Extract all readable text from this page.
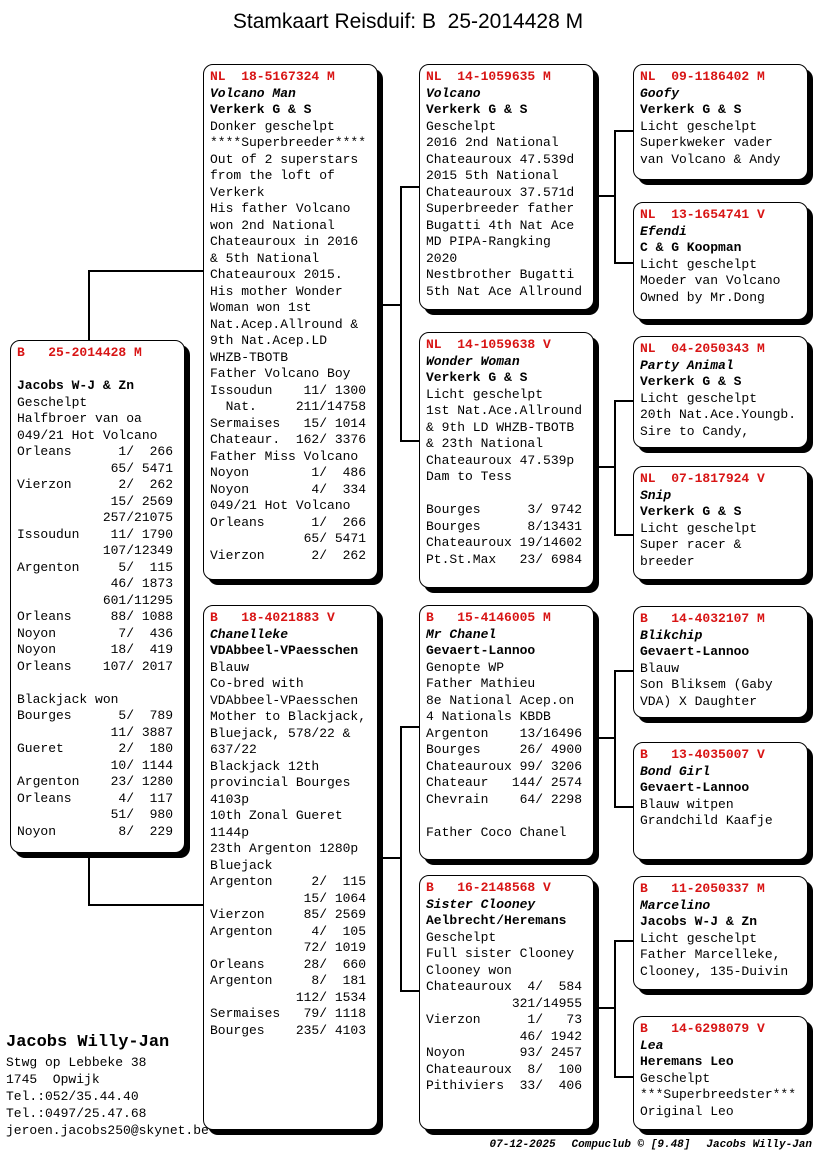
Stamkaart Reisduif: B  25-2014428 M
B   25-2014428 M
Jacobs W-J & Zn
Geschelpt
Halfbroer van oa
049/21 Hot Volcano
Orleans      1/  266
65/ 5471
Vierzon      2/  262
15/ 2569
257/21075
Issoudun    11/ 1790
107/12349
Argenton     5/  115
46/ 1873
601/11295
Orleans     88/ 1088
Noyon        7/  436
Noyon       18/  419
Orleans    107/ 2017
Blackjack won
Bourges      5/  789
11/ 3887
Gueret       2/  180
10/ 1144
Argenton    23/ 1280
Orleans      4/  117
51/  980
Noyon        8/  229
NL  18-5167324 M
Volcano Man
Verkerk G & S
Donker geschelpt
****Superbreeder****
Out of 2 superstars
from the loft of
Verkerk
His father Volcano
won 2nd National
Chateauroux in 2016
& 5th National
Chateauroux 2015.
His mother Wonder
Woman won 1st
Nat.Acep.Allround &
9th Nat.Acep.LD
WHZB-TBOTB
Father Volcano Boy
Issoudun    11/ 1300
Nat.     211/14758
Sermaises   15/ 1014
Chateaur.  162/ 3376
Father Miss Volcano
Noyon        1/  486
Noyon        4/  334
049/21 Hot Volcano
Orleans      1/  266
65/ 5471
Vierzon      2/  262
B   18-4021883 V
Chanelleke
VDAbbeel-VPaesschen
Blauw
Co-bred with
VDAbbeel-VPaesschen
Mother to Blackjack,
Bluejack, 578/22 &
637/22
Blackjack 12th
provincial Bourges
4103p
10th Zonal Gueret
1144p
23th Argenton 1280p
Bluejack
Argenton     2/  115
15/ 1064
Vierzon     85/ 2569
Argenton     4/  105
72/ 1019
Orleans     28/  660
Argenton     8/  181
112/ 1534
Sermaises   79/ 1118
Bourges    235/ 4103
NL  14-1059635 M
Volcano
Verkerk G & S
Geschelpt
2016 2nd National
Chateauroux 47.539d
2015 5th National
Chateauroux 37.571d
Superbreeder father
Bugatti 4th Nat Ace
MD PIPA-Rangking
2020
Nestbrother Bugatti
5th Nat Ace Allround
NL  14-1059638 V
Wonder Woman
Verkerk G & S
Licht geschelpt
1st Nat.Ace.Allround
& 9th LD WHZB-TBOTB
& 23th National
Chateauroux 47.539p
Dam to Tess
Bourges      3/ 9742
Bourges      8/13431
Chateauroux 19/14602
Pt.St.Max   23/ 6984
B   15-4146005 M
Mr Chanel
Gevaert-Lannoo
Genopte WP
Father Mathieu
8e National Acep.on
4 Nationals KBDB
Argenton    13/16496
Bourges     26/ 4900
Chateauroux 99/ 3206
Chateaur   144/ 2574
Chevrain    64/ 2298
Father Coco Chanel
B   16-2148568 V
Sister Clooney
Aelbrecht/Heremans
Geschelpt
Full sister Clooney
Clooney won
Chateauroux  4/  584
321/14955
Vierzon      1/   73
46/ 1942
Noyon       93/ 2457
Chateauroux  8/  100
Pithiviers  33/  406
NL  09-1186402 M
Goofy
Verkerk G & S
Licht geschelpt
Superkweker vader
van Volcano & Andy
NL  13-1654741 V
Efendi
C & G Koopman
Licht geschelpt
Moeder van Volcano
Owned by Mr.Dong
NL  04-2050343 M
Party Animal
Verkerk G & S
Licht geschelpt
20th Nat.Ace.Youngb.
Sire to Candy,
NL  07-1817924 V
Snip
Verkerk G & S
Licht geschelpt
Super racer &
breeder
B   14-4032107 M
Blikchip
Gevaert-Lannoo
Blauw
Son Bliksem (Gaby
VDA) X Daughter
B   13-4035007 V
Bond Girl
Gevaert-Lannoo
Blauw witpen
Grandchild Kaafje
B   11-2050337 M
Marcelino
Jacobs W-J & Zn
Licht geschelpt
Father Marcelleke,
Clooney, 135-Duivin
B   14-6298079 V
Lea
Heremans Leo
Geschelpt
***Superbreedster***
Original Leo
Jacobs Willy-Jan
Stwg op Lebbeke 38
1745  Opwijk
Tel.:052/35.44.40
Tel.:0497/25.47.68
jeroen.jacobs250@skynet.be
07-12-2025 Compuclub © [9.48] Jacobs Willy-Jan
